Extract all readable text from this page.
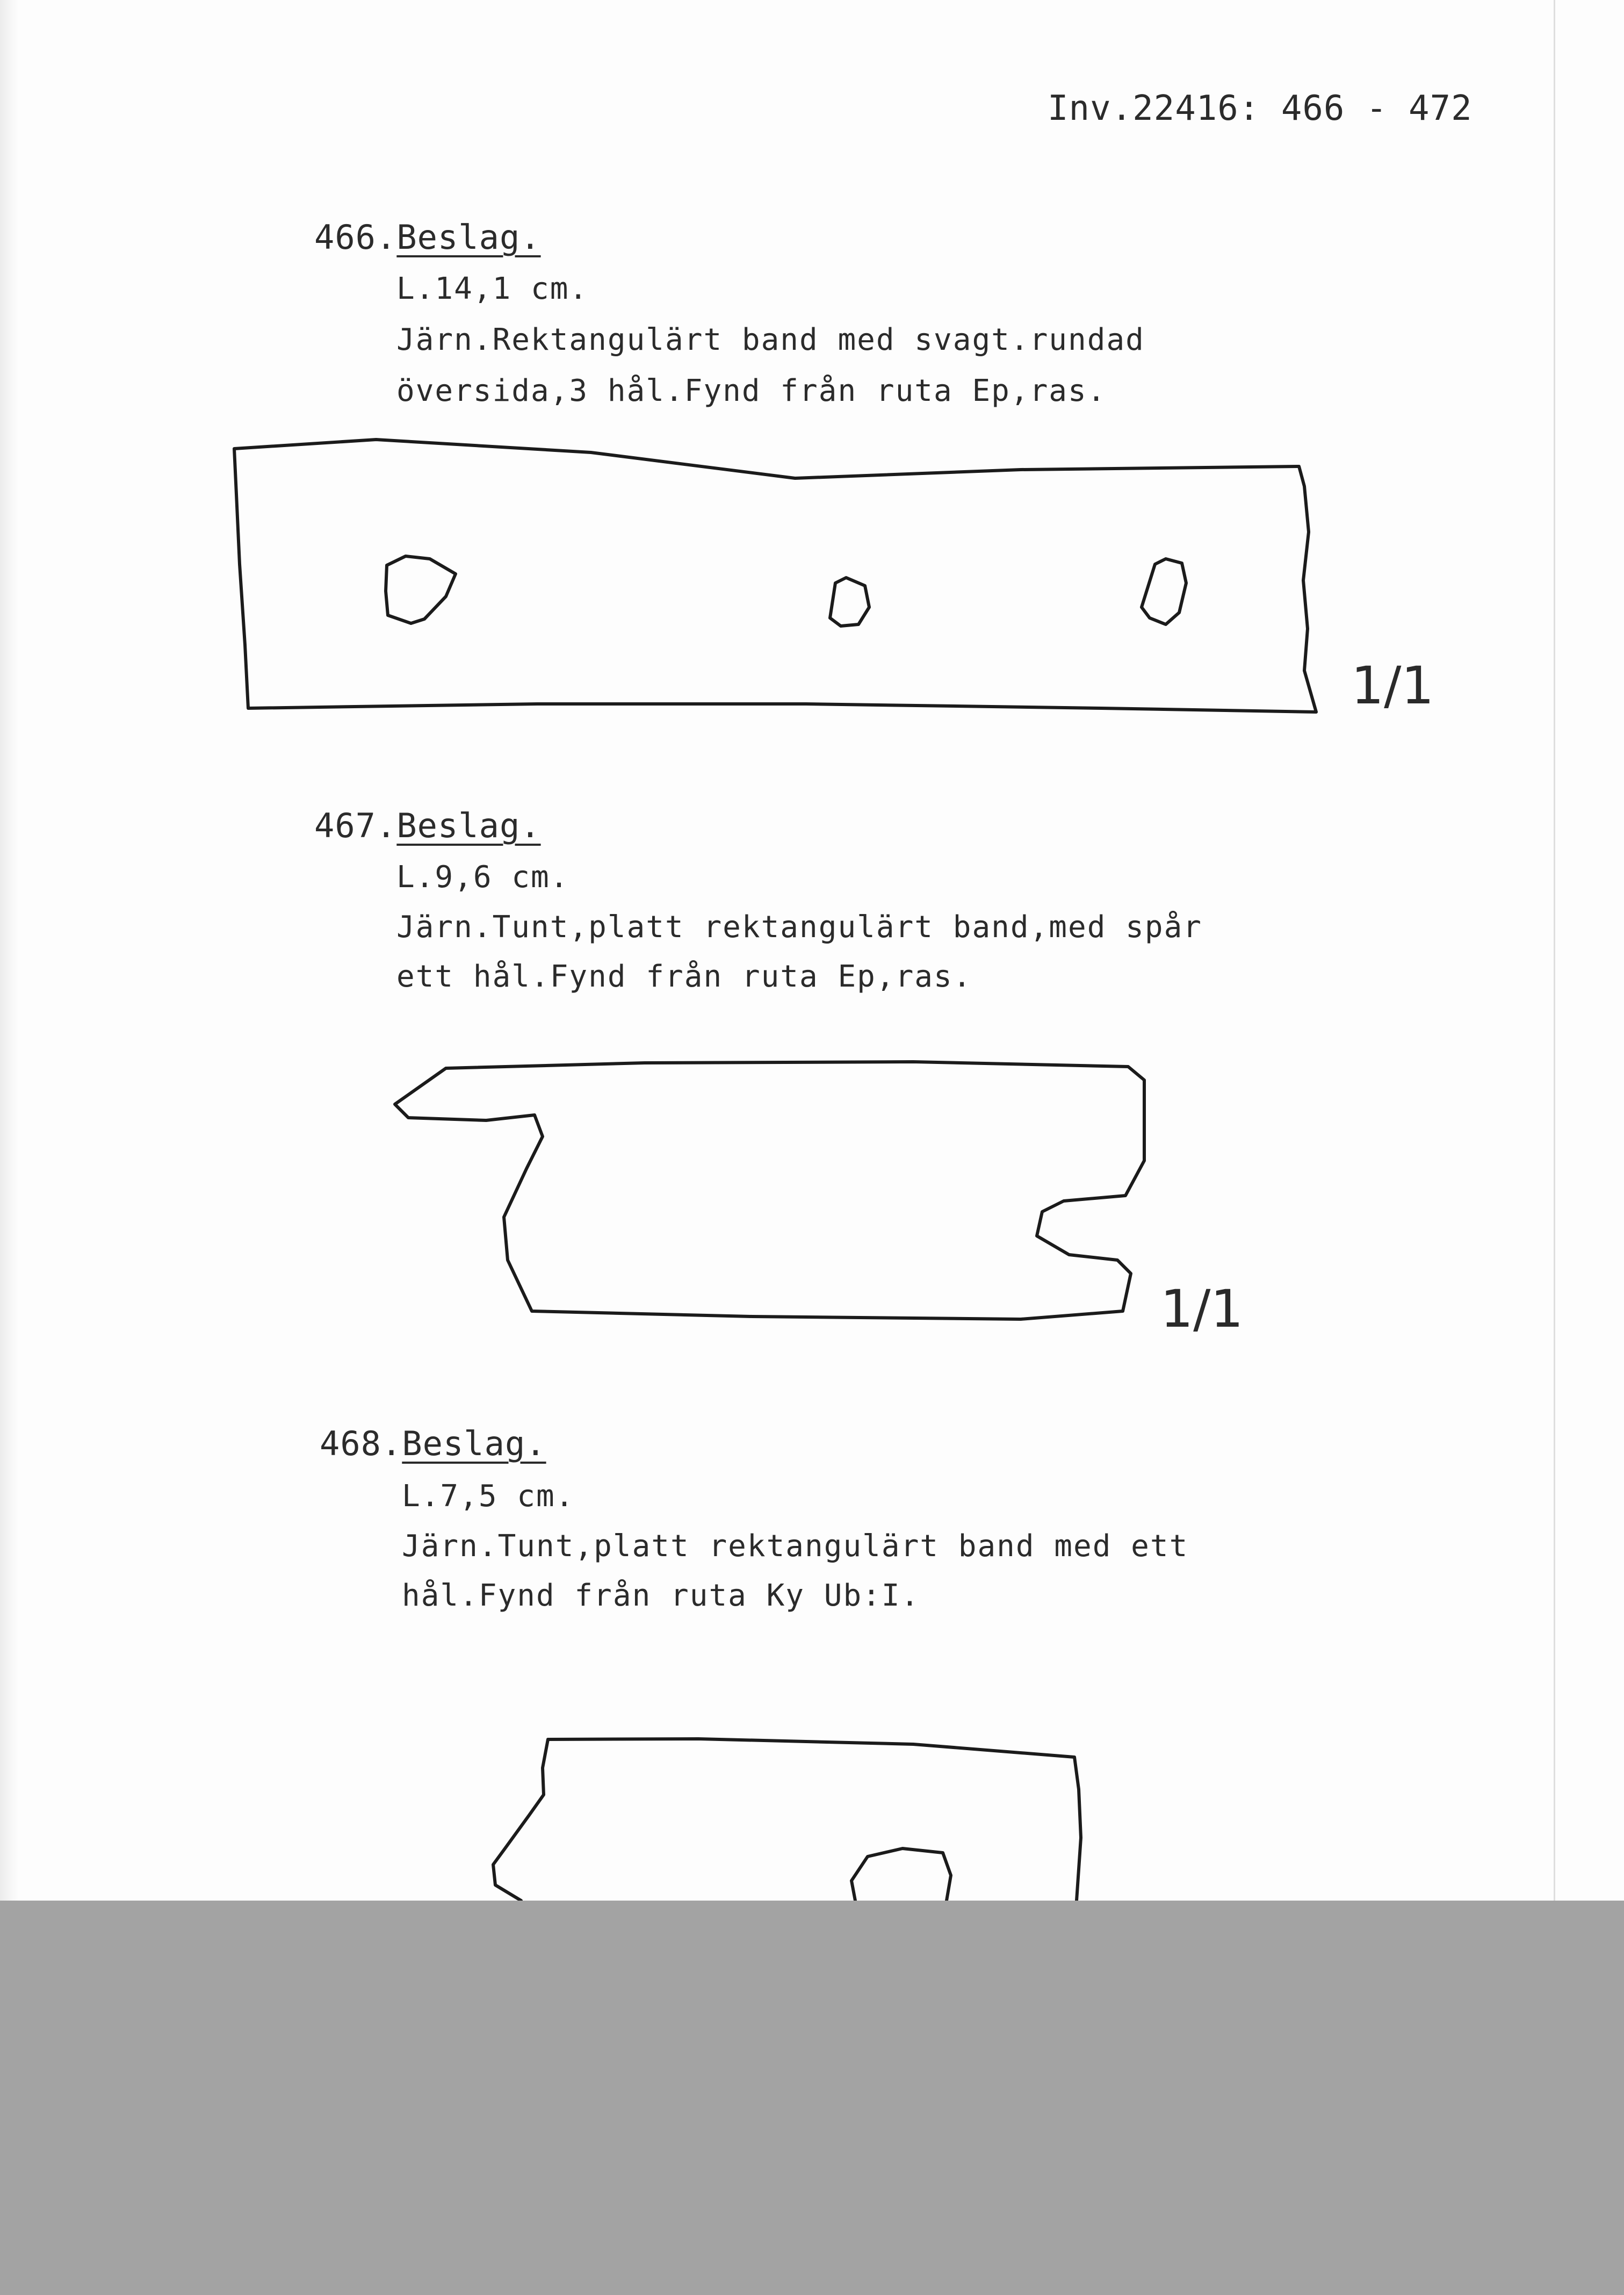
Inv.22416: 466 - 472
466.Beslag.
L.14,1 cm.
Järn.Rektangulärt band med svagt.rundad
översida,3 hål.Fynd från ruta Ep,ras.
467.Beslag.
L.9,6 cm.
Järn.Tunt,platt rektangulärt band,med spår
ett hål.Fynd från ruta Ep,ras.
468.Beslag.
L.7,5 cm.
Järn.Tunt,platt rektangulärt band med ett
hål.Fynd från ruta Ky Ub:I.
1/1
1/1
